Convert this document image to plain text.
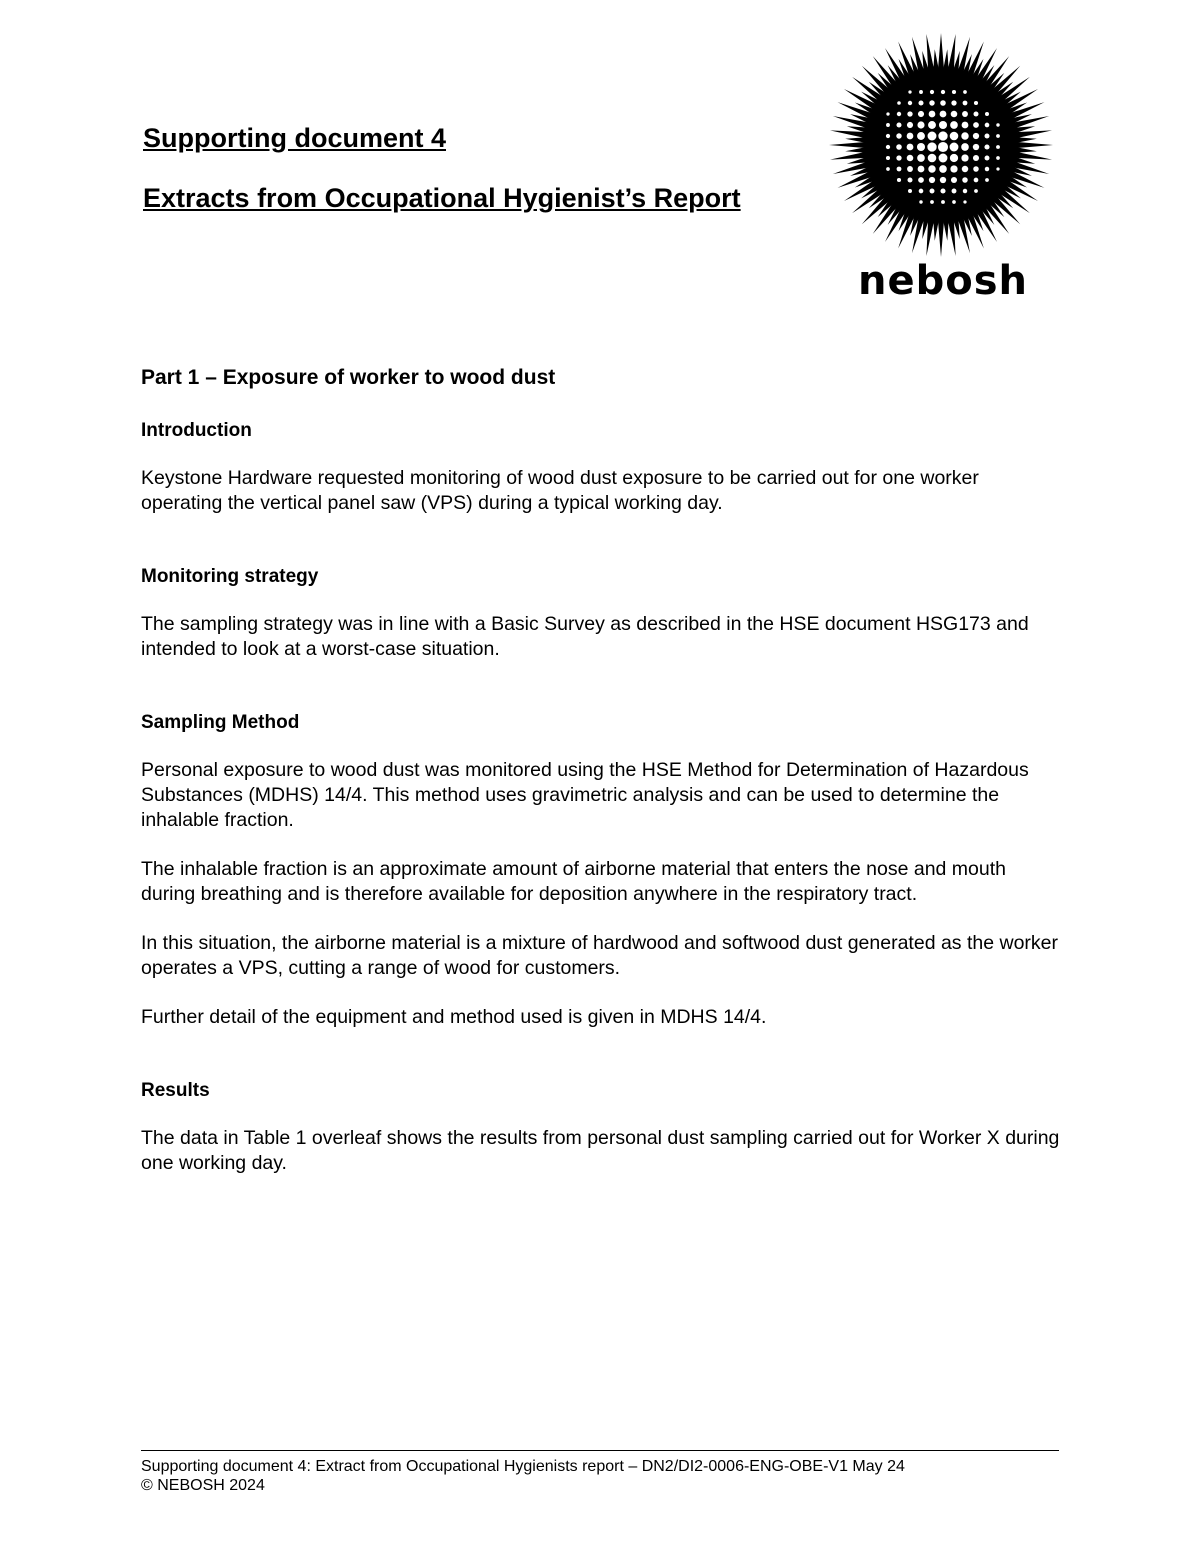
Supporting document 4
Extracts from Occupational Hygienist’s Report
nebosh
Part 1 – Exposure of worker to wood dust
Introduction

Keystone Hardware requested monitoring of wood dust exposure to be carried out for one worker operating the vertical panel saw (VPS) during a typical working day.

Monitoring strategy

The sampling strategy was in line with a Basic Survey as described in the HSE document HSG173 and intended to look at a worst-case situation.

Sampling Method

Personal exposure to wood dust was monitored using the HSE Method for Determination of Hazardous Substances (MDHS) 14/4. This method uses gravimetric analysis and can be used to determine the inhalable fraction.

The inhalable fraction is an approximate amount of airborne material that enters the nose and mouth during breathing and is therefore available for deposition anywhere in the respiratory tract.

In this situation, the airborne material is a mixture of hardwood and softwood dust generated as the worker operates a VPS, cutting a range of wood for customers.

Further detail of the equipment and method used is given in MDHS 14/4.

Results

The data in Table 1 overleaf shows the results from personal dust sampling carried out for Worker X during one working day.

Supporting document 4: Extract from Occupational Hygienists report – DN2/DI2-0006-ENG-OBE-V1 May 24

© NEBOSH 2024
